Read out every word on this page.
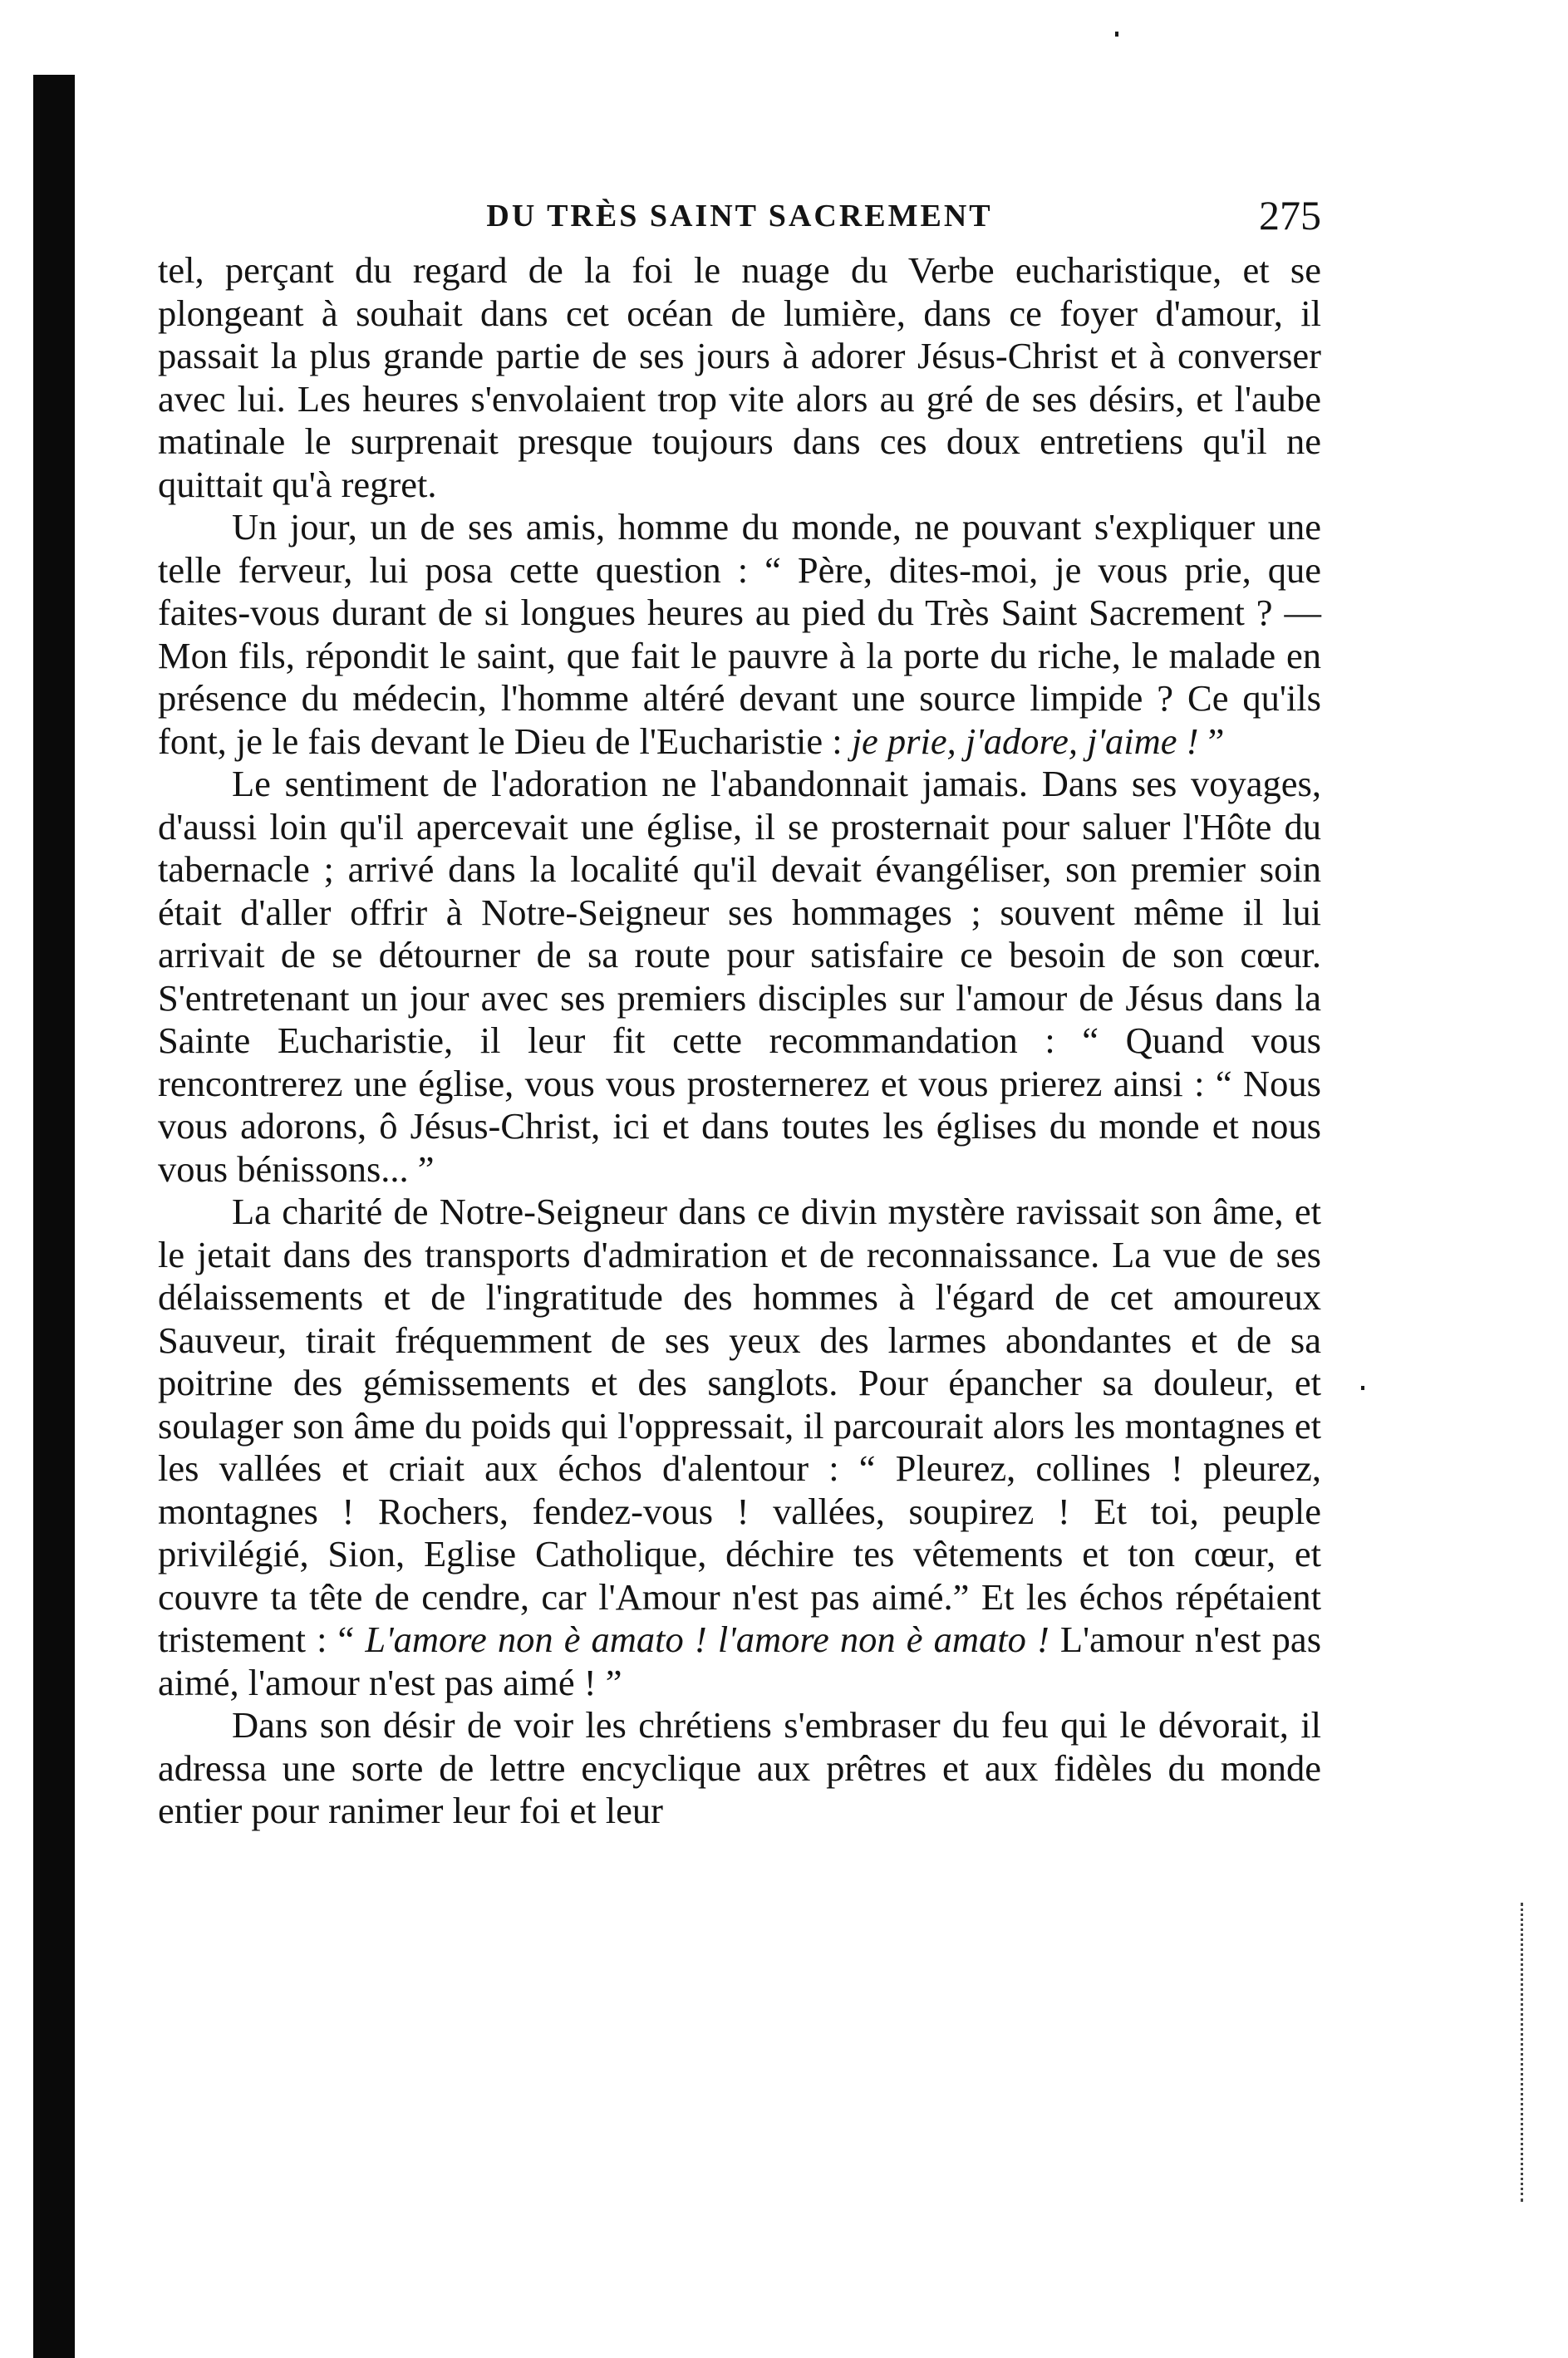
DU TRÈS SAINT SACREMENT	275

tel, perçant du regard de la foi le nuage du Verbe eucharistique, et se plongeant à souhait dans cet océan de lumière, dans ce foyer d'amour, il passait la plus grande partie de ses jours à adorer Jésus-Christ et à converser avec lui. Les heures s'envolaient trop vite alors au gré de ses désirs, et l'aube matinale le surprenait presque toujours dans ces doux entretiens qu'il ne quittait qu'à regret.

Un jour, un de ses amis, homme du monde, ne pouvant s'expliquer une telle ferveur, lui posa cette question : “ Père, dites-moi, je vous prie, que faites-vous durant de si longues heures au pied du Très Saint Sacrement ? — Mon fils, répondit le saint, que fait le pauvre à la porte du riche, le malade en présence du médecin, l'homme altéré devant une source limpide ? Ce qu'ils font, je le fais devant le Dieu de l'Eucharistie : je prie, j'adore, j'aime ! ”

Le sentiment de l'adoration ne l'abandonnait jamais. Dans ses voyages, d'aussi loin qu'il apercevait une église, il se prosternait pour saluer l'Hôte du tabernacle ; arrivé dans la localité qu'il devait évangéliser, son premier soin était d'aller offrir à Notre-Seigneur ses hommages ; souvent même il lui arrivait de se détourner de sa route pour satisfaire ce besoin de son cœur. S'entretenant un jour avec ses premiers disciples sur l'amour de Jésus dans la Sainte Eucharistie, il leur fit cette recommandation : “ Quand vous rencontrerez une église, vous vous prosternerez et vous prierez ainsi : “ Nous vous adorons, ô Jésus-Christ, ici et dans toutes les églises du monde et nous vous bénissons... ”

La charité de Notre-Seigneur dans ce divin mystère ravissait son âme, et le jetait dans des transports d'admiration et de reconnaissance. La vue de ses délaissements et de l'ingratitude des hommes à l'égard de cet amoureux Sauveur, tirait fréquemment de ses yeux des larmes abondantes et de sa poitrine des gémissements et des sanglots. Pour épancher sa douleur, et soulager son âme du poids qui l'oppressait, il parcourait alors les montagnes et les vallées et criait aux échos d'alentour : “ Pleurez, collines ! pleurez, montagnes ! Rochers, fendez-vous ! vallées, soupirez ! Et toi, peuple privilégié, Sion, Eglise Catholique, déchire tes vêtements et ton cœur, et couvre ta tête de cendre, car l'Amour n'est pas aimé.” Et les échos répétaient tristement : “ L'amore non è amato ! l'amore non è amato ! L'amour n'est pas aimé, l'amour n'est pas aimé ! ”

Dans son désir de voir les chrétiens s'embraser du feu qui le dévorait, il adressa une sorte de lettre encyclique aux prêtres et aux fidèles du monde entier pour ranimer leur foi et leur
